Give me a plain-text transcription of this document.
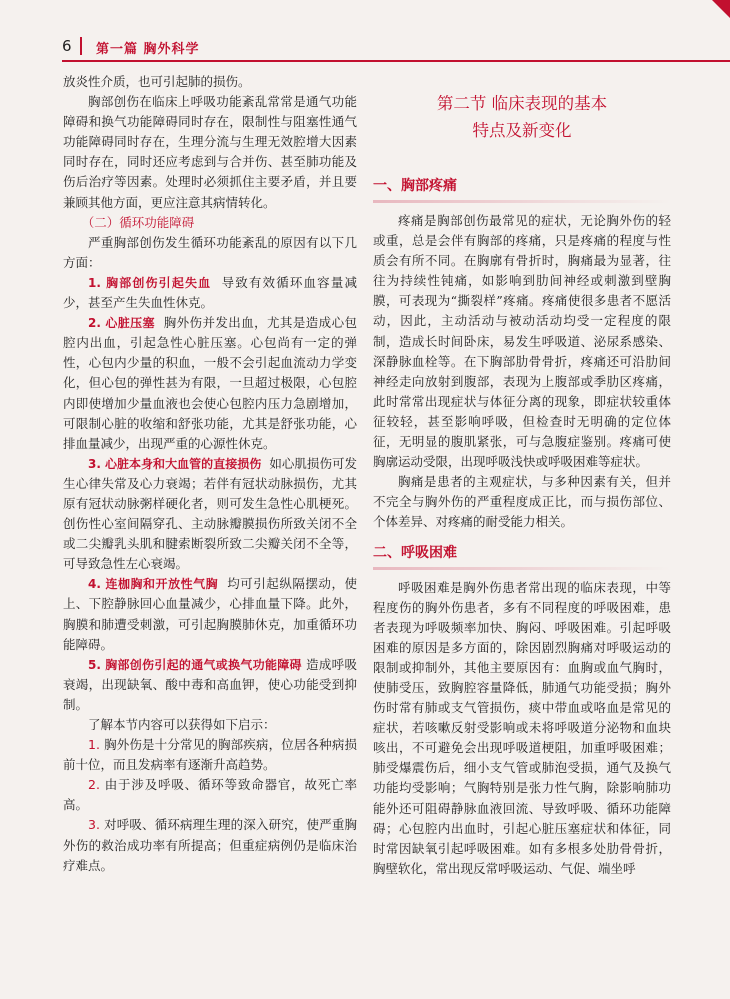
6 第一篇 胸外科学

放炎性介质，也可引起肺的损伤。

胸部创伤在临床上呼吸功能紊乱常常是通气功能障碍和换气功能障碍同时存在，限制性与阻塞性通气功能障碍同时存在，生理分流与生理无效腔增大因素同时存在，同时还应考虑到与合并伤、甚至肺功能及伤后治疗等因素。处理时必须抓住主要矛盾，并且要兼顾其他方面，更应注意其病情转化。

（二）循环功能障碍

严重胸部创伤发生循环功能紊乱的原因有以下几方面：

1. 胸部创伤引起失血 导致有效循环血容量减少，甚至产生失血性休克。

2. 心脏压塞 胸外伤并发出血，尤其是造成心包腔内出血，引起急性心脏压塞。心包尚有一定的弹性，心包内少量的积血，一般不会引起血流动力学变化，但心包的弹性甚为有限，一旦超过极限，心包腔内即使增加少量血液也会使心包腔内压力急剧增加，可限制心脏的收缩和舒张功能，尤其是舒张功能，心排血量减少，出现严重的心源性休克。

3. 心脏本身和大血管的直接损伤 如心肌损伤可发生心律失常及心力衰竭；若伴有冠状动脉损伤，尤其原有冠状动脉粥样硬化者，则可发生急性心肌梗死。创伤性心室间隔穿孔、主动脉瓣膜损伤所致关闭不全或二尖瓣乳头肌和腱索断裂所致二尖瓣关闭不全等，可导致急性左心衰竭。

4. 连枷胸和开放性气胸 均可引起纵隔摆动，使上、下腔静脉回心血量减少，心排血量下降。此外，胸膜和肺遭受刺激，可引起胸膜肺休克，加重循环功能障碍。

5. 胸部创伤引起的通气或换气功能障碍 造成呼吸衰竭，出现缺氧、酸中毒和高血钾，使心功能受到抑制。

了解本节内容可以获得如下启示：

1. 胸外伤是十分常见的胸部疾病，位居各种病损前十位，而且发病率有逐渐升高趋势。

2. 由于涉及呼吸、循环等致命器官，故死亡率高。

3. 对呼吸、循环病理生理的深入研究，使严重胸外伤的救治成功率有所提高；但重症病例仍是临床治疗难点。

第二节 临床表现的基本
特点及新变化
一、胸部疼痛

疼痛是胸部创伤最常见的症状，无论胸外伤的轻或重，总是会伴有胸部的疼痛，只是疼痛的程度与性质会有所不同。在胸廓有骨折时，胸痛最为显著，往往为持续性钝痛，如影响到肋间神经或刺激到壁胸膜，可表现为“撕裂样”疼痛。疼痛使很多患者不愿活动，因此，主动活动与被动活动均受一定程度的限制，造成长时间卧床，易发生呼吸道、泌尿系感染、深静脉血栓等。在下胸部肋骨骨折，疼痛还可沿肋间神经走向放射到腹部，表现为上腹部或季肋区疼痛，此时常常出现症状与体征分离的现象，即症状较重体征较轻，甚至影响呼吸，但检查时无明确的定位体征，无明显的腹肌紧张，可与急腹症鉴别。疼痛可使胸廓运动受限，出现呼吸浅快或呼吸困难等症状。

胸痛是患者的主观症状，与多种因素有关，但并不完全与胸外伤的严重程度成正比，而与损伤部位、个体差异、对疼痛的耐受能力相关。

二、呼吸困难

呼吸困难是胸外伤患者常出现的临床表现，中等程度伤的胸外伤患者，多有不同程度的呼吸困难，患者表现为呼吸频率加快、胸闷、呼吸困难。引起呼吸困难的原因是多方面的，除因剧烈胸痛对呼吸运动的限制或抑制外，其他主要原因有：血胸或血气胸时，使肺受压，致胸腔容量降低，肺通气功能受损；胸外伤时常有肺或支气管损伤，痰中带血或咯血是常见的症状，若咳嗽反射受影响或未将呼吸道分泌物和血块咳出，不可避免会出现呼吸道梗阻，加重呼吸困难；肺受爆震伤后，细小支气管或肺泡受损，通气及换气功能均受影响；气胸特别是张力性气胸，除影响肺功能外还可阻碍静脉血液回流、导致呼吸、循环功能障碍；心包腔内出血时，引起心脏压塞症状和体征，同时常因缺氧引起呼吸困难。如有多根多处肋骨骨折，胸壁软化，常出现反常呼吸运动、气促、端坐呼
